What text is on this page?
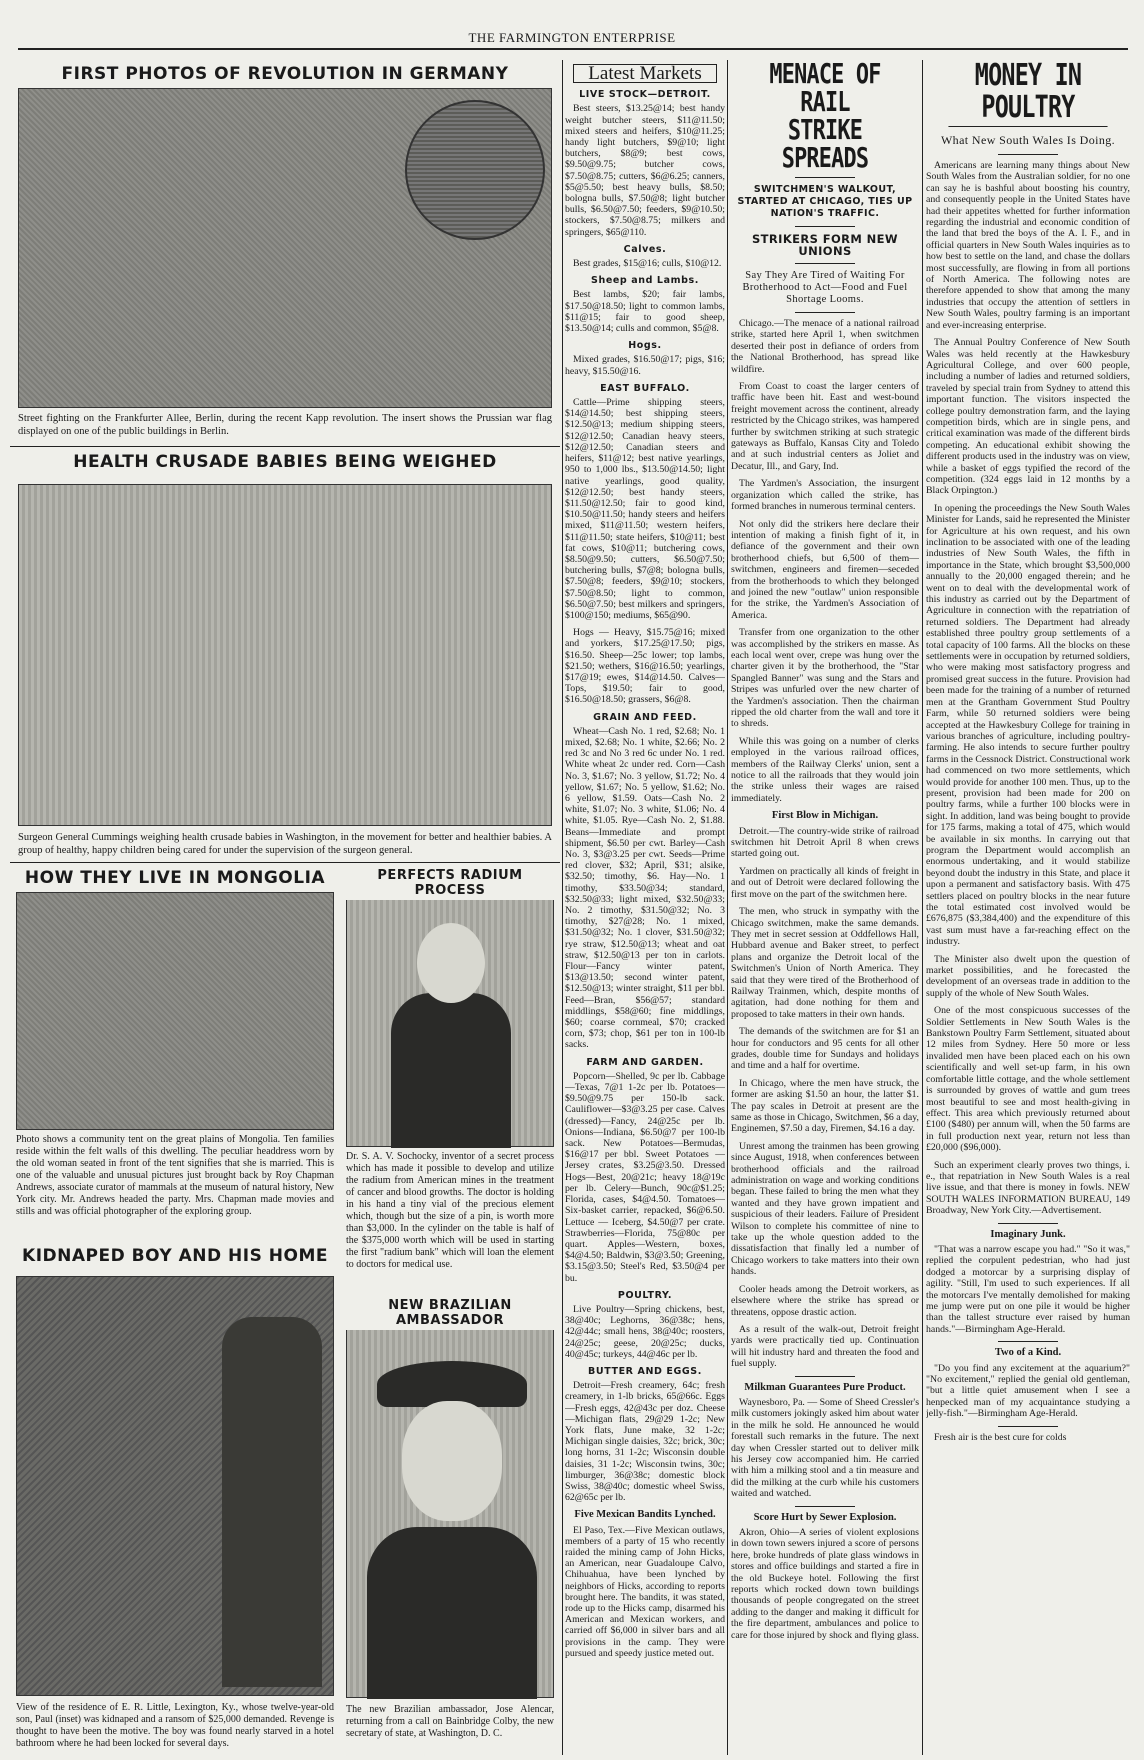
THE FARMINGTON ENTERPRISE
FIRST PHOTOS OF REVOLUTION IN GERMANY
Street fighting on the Frankfurter Allee, Berlin, during the recent Kapp revolution. The insert shows the Prussian war flag displayed on one of the public buildings in Berlin.
HEALTH CRUSADE BABIES BEING WEIGHED
Surgeon General Cummings weighing health crusade babies in Washington, in the movement for better and healthier babies. A group of healthy, happy children being cared for under the supervision of the surgeon general.
HOW THEY LIVE IN MONGOLIA
Photo shows a community tent on the great plains of Mongolia. Ten families reside within the felt walls of this dwelling. The peculiar headdress worn by the old woman seated in front of the tent signifies that she is married. This is one of the valuable and unusual pictures just brought back by Roy Chapman Andrews, associate curator of mammals at the museum of natural history, New York city. Mr. Andrews headed the party. Mrs. Chapman made movies and stills and was official photographer of the exploring group.
PERFECTS RADIUM PROCESS
Dr. S. A. V. Sochocky, inventor of a secret process which has made it possible to develop and utilize the radium from American mines in the treatment of cancer and blood growths. The doctor is holding in his hand a tiny vial of the precious element which, though but the size of a pin, is worth more than $3,000. In the cylinder on the table is half of the $375,000 worth which will be used in starting the first "radium bank" which will loan the element to doctors for medical use.
KIDNAPED BOY AND HIS HOME
View of the residence of E. R. Little, Lexington, Ky., whose twelve-year-old son, Paul (inset) was kidnaped and a ransom of $25,000 demanded. Revenge is thought to have been the motive. The boy was found nearly starved in a hotel bathroom where he had been locked for several days.
NEW BRAZILIAN AMBASSADOR
The new Brazilian ambassador, Jose Alencar, returning from a call on Bainbridge Colby, the new secretary of state, at Washington, D. C.
Latest Markets
LIVE STOCK—DETROIT.

Best steers, $13.25@14; best handy weight butcher steers, $11@11.50; mixed steers and heifers, $10@11.25; handy light butchers, $9@10; light butchers, $8@9; best cows, $9.50@9.75; butcher cows, $7.50@8.75; cutters, $6@6.25; canners, $5@5.50; best heavy bulls, $8.50; bologna bulls, $7.50@8; light butcher bulls, $6.50@7.50; feeders, $9@10.50; stockers, $7.50@8.75; milkers and springers, $65@110.

Calves.

Best grades, $15@16; culls, $10@12.

Sheep and Lambs.

Best lambs, $20; fair lambs, $17.50@18.50; light to common lambs, $11@15; fair to good sheep, $13.50@14; culls and common, $5@8.

Hogs.

Mixed grades, $16.50@17; pigs, $16; heavy, $15.50@16.

EAST BUFFALO.

Cattle—Prime shipping steers, $14@14.50; best shipping steers, $12.50@13; medium shipping steers, $12@12.50; Canadian heavy steers, $12@12.50; Canadian steers and heifers, $11@12; best native yearlings, 950 to 1,000 lbs., $13.50@14.50; light native yearlings, good quality, $12@12.50; best handy steers, $11.50@12.50; fair to good kind, $10.50@11.50; handy steers and heifers mixed, $11@11.50; western heifers, $11@11.50; state heifers, $10@11; best fat cows, $10@11; butchering cows, $8.50@9.50; cutters, $6.50@7.50; butchering bulls, $7@8; bologna bulls, $7.50@8; feeders, $9@10; stockers, $7.50@8.50; light to common, $6.50@7.50; best milkers and springers, $100@150; mediums, $65@90.

Hogs — Heavy, $15.75@16; mixed and yorkers, $17.25@17.50; pigs, $16.50. Sheep—25c lower; top lambs, $21.50; wethers, $16@16.50; yearlings, $17@19; ewes, $14@14.50. Calves—Tops, $19.50; fair to good, $16.50@18.50; grassers, $6@8.

GRAIN AND FEED.

Wheat—Cash No. 1 red, $2.68; No. 1 mixed, $2.68; No. 1 white, $2.66; No. 2 red 3c and No 3 red 6c under No. 1 red. White wheat 2c under red. Corn—Cash No. 3, $1.67; No. 3 yellow, $1.72; No. 4 yellow, $1.67; No. 5 yellow, $1.62; No. 6 yellow, $1.59. Oats—Cash No. 2 white, $1.07; No. 3 white, $1.06; No. 4 white, $1.05. Rye—Cash No. 2, $1.88. Beans—Immediate and prompt shipment, $6.50 per cwt. Barley—Cash No. 3, $3@3.25 per cwt. Seeds—Prime red clover, $32; April, $31; alsike, $32.50; timothy, $6. Hay—No. 1 timothy, $33.50@34; standard, $32.50@33; light mixed, $32.50@33; No. 2 timothy, $31.50@32; No. 3 timothy, $27@28; No. 1 mixed, $31.50@32; No. 1 clover, $31.50@32; rye straw, $12.50@13; wheat and oat straw, $12.50@13 per ton in carlots. Flour—Fancy winter patent, $13@13.50; second winter patent, $12.50@13; winter straight, $11 per bbl. Feed—Bran, $56@57; standard middlings, $58@60; fine middlings, $60; coarse cornmeal, $70; cracked corn, $73; chop, $61 per ton in 100-lb sacks.

FARM AND GARDEN.

Popcorn—Shelled, 9c per lb. Cabbage—Texas, 7@1 1-2c per lb. Potatoes—$9.50@9.75 per 150-lb sack. Cauliflower—$3@3.25 per case. Calves (dressed)—Fancy, 24@25c per lb. Onions—Indiana, $6.50@7 per 100-lb sack. New Potatoes—Bermudas, $16@17 per bbl. Sweet Potatoes — Jersey crates, $3.25@3.50. Dressed Hogs—Best, 20@21c; heavy 18@19c per lb. Celery—Bunch, 90c@$1.25; Florida, cases, $4@4.50. Tomatoes—Six-basket carrier, repacked, $6@6.50. Lettuce — Iceberg, $4.50@7 per crate. Strawberries—Florida, 75@80c per quart. Apples—Western, boxes, $4@4.50; Baldwin, $3@3.50; Greening, $3.15@3.50; Steel's Red, $3.50@4 per bu.

POULTRY.

Live Poultry—Spring chickens, best, 38@40c; Leghorns, 36@38c; hens, 42@44c; small hens, 38@40c; roosters, 24@25c; geese, 20@25c; ducks, 40@45c; turkeys, 44@46c per lb.

BUTTER AND EGGS.

Detroit—Fresh creamery, 64c; fresh creamery, in 1-lb bricks, 65@66c. Eggs—Fresh eggs, 42@43c per doz. Cheese—Michigan flats, 29@29 1-2c; New York flats, June make, 32 1-2c; Michigan single daisies, 32c; brick, 30c; long horns, 31 1-2c; Wisconsin double daisies, 31 1-2c; Wisconsin twins, 30c; limburger, 36@38c; domestic block Swiss, 38@40c; domestic wheel Swiss, 62@65c per lb.

Five Mexican Bandits Lynched.

El Paso, Tex.—Five Mexican outlaws, members of a party of 15 who recently raided the mining camp of John Hicks, an American, near Guadaloupe Calvo, Chihuahua, have been lynched by neighbors of Hicks, according to reports brought here. The bandits, it was stated, rode up to the Hicks camp, disarmed his American and Mexican workers, and carried off $6,000 in silver bars and all provisions in the camp. They were pursued and speedy justice meted out.

MENACE OF RAIL
STRIKE SPREADS
SWITCHMEN'S WALKOUT, STARTED AT CHICAGO, TIES UP NATION'S TRAFFIC.
STRIKERS FORM NEW UNIONS
Say They Are Tired of Waiting For Brotherhood to Act—Food and Fuel Shortage Looms.

Chicago.—The menace of a national railroad strike, started here April 1, when switchmen deserted their post in defiance of orders from the National Brotherhood, has spread like wildfire.

From Coast to coast the larger centers of traffic have been hit. East and west-bound freight movement across the continent, already restricted by the Chicago strikes, was hampered further by switchmen striking at such strategic gateways as Buffalo, Kansas City and Toledo and at such industrial centers as Joliet and Decatur, Ill., and Gary, Ind.

The Yardmen's Association, the insurgent organization which called the strike, has formed branches in numerous terminal centers.

Not only did the strikers here declare their intention of making a finish fight of it, in defiance of the government and their own brotherhood chiefs, but 6,500 of them—switchmen, engineers and firemen—seceded from the brotherhoods to which they belonged and joined the new "outlaw" union responsible for the strike, the Yardmen's Association of America.

Transfer from one organization to the other was accomplished by the strikers en masse. As each local went over, crepe was hung over the charter given it by the brotherhood, the "Star Spangled Banner" was sung and the Stars and Stripes was unfurled over the new charter of the Yardmen's association. Then the chairman ripped the old charter from the wall and tore it to shreds.

While this was going on a number of clerks employed in the various railroad offices, members of the Railway Clerks' union, sent a notice to all the railroads that they would join the strike unless their wages are raised immediately.

First Blow in Michigan.

Detroit.—The country-wide strike of railroad switchmen hit Detroit April 8 when crews started going out.

Yardmen on practically all kinds of freight in and out of Detroit were declared following the first move on the part of the switchmen here.

The men, who struck in sympathy with the Chicago switchmen, make the same demands. They met in secret session at Oddfellows Hall, Hubbard avenue and Baker street, to perfect plans and organize the Detroit local of the Switchmen's Union of North America. They said that they were tired of the Brotherhood of Railway Trainmen, which, despite months of agitation, had done nothing for them and proposed to take matters in their own hands.

The demands of the switchmen are for $1 an hour for conductors and 95 cents for all other grades, double time for Sundays and holidays and time and a half for overtime.

In Chicago, where the men have struck, the former are asking $1.50 an hour, the latter $1. The pay scales in Detroit at present are the same as those in Chicago, Switchmen, $6 a day, Enginemen, $7.50 a day, Firemen, $4.16 a day.

Unrest among the trainmen has been growing since August, 1918, when conferences between brotherhood officials and the railroad administration on wage and working conditions began. These failed to bring the men what they wanted and they have grown impatient and suspicious of their leaders. Failure of President Wilson to complete his committee of nine to take up the whole question added to the dissatisfaction that finally led a number of Chicago workers to take matters into their own hands.

Cooler heads among the Detroit workers, as elsewhere where the strike has spread or threatens, oppose drastic action.

As a result of the walk-out, Detroit freight yards were practically tied up. Continuation will hit industry hard and threaten the food and fuel supply.

Milkman Guarantees Pure Product.

Waynesboro, Pa. — Some of Sheed Cressler's milk customers jokingly asked him about water in the milk he sold. He announced he would forestall such remarks in the future. The next day when Cressler started out to deliver milk his Jersey cow accompanied him. He carried with him a milking stool and a tin measure and did the milking at the curb while his customers waited and watched.

Score Hurt by Sewer Explosion.

Akron, Ohio—A series of violent explosions in down town sewers injured a score of persons here, broke hundreds of plate glass windows in stores and office buildings and started a fire in the old Buckeye hotel. Following the first reports which rocked down town buildings thousands of people congregated on the street adding to the danger and making it difficult for the fire department, ambulances and police to care for those injured by shock and flying glass.

MONEY IN POULTRY
What New South Wales Is Doing.

Americans are learning many things about New South Wales from the Australian soldier, for no one can say he is bashful about boosting his country, and consequently people in the United States have had their appetites whetted for further information regarding the industrial and economic condition of the land that bred the boys of the A. I. F., and in official quarters in New South Wales inquiries as to how best to settle on the land, and chase the dollars most successfully, are flowing in from all portions of North America. The following notes are therefore appended to show that among the many industries that occupy the attention of settlers in New South Wales, poultry farming is an important and ever-increasing enterprise.

The Annual Poultry Conference of New South Wales was held recently at the Hawkesbury Agricultural College, and over 600 people, including a number of ladies and returned soldiers, traveled by special train from Sydney to attend this important function. The visitors inspected the college poultry demonstration farm, and the laying competition birds, which are in single pens, and critical examination was made of the different birds competing. An educational exhibit showing the different products used in the industry was on view, while a basket of eggs typified the record of the competition. (324 eggs laid in 12 months by a Black Orpington.)

In opening the proceedings the New South Wales Minister for Lands, said he represented the Minister for Agriculture at his own request, and his own inclination to be associated with one of the leading industries of New South Wales, the fifth in importance in the State, which brought $3,500,000 annually to the 20,000 engaged therein; and he went on to deal with the developmental work of this industry as carried out by the Department of Agriculture in connection with the repatriation of returned soldiers. The Department had already established three poultry group settlements of a total capacity of 100 farms. All the blocks on these settlements were in occupation by returned soldiers, who were making most satisfactory progress and promised great success in the future. Provision had been made for the training of a number of returned men at the Grantham Government Stud Poultry Farm, while 50 returned soldiers were being accepted at the Hawkesbury College for training in various branches of agriculture, including poultry-farming. He also intends to secure further poultry farms in the Cessnock District. Constructional work had commenced on two more settlements, which would provide for another 100 men. Thus, up to the present, provision had been made for 200 on poultry farms, while a further 100 blocks were in sight. In addition, land was being bought to provide for 175 farms, making a total of 475, which would be available in six months. In carrying out that program the Department would accomplish an enormous undertaking, and it would stabilize beyond doubt the industry in this State, and place it upon a permanent and satisfactory basis. With 475 settlers placed on poultry blocks in the near future the total estimated cost involved would be £676,875 ($3,384,400) and the expenditure of this vast sum must have a far-reaching effect on the industry.

The Minister also dwelt upon the question of market possibilities, and he forecasted the development of an overseas trade in addition to the supply of the whole of New South Wales.

One of the most conspicuous successes of the Soldier Settlements in New South Wales is the Bankstown Poultry Farm Settlement, situated about 12 miles from Sydney. Here 50 more or less invalided men have been placed each on his own scientifically and well set-up farm, in his own comfortable little cottage, and the whole settlement is surrounded by groves of wattle and gum trees most beautiful to see and most health-giving in effect. This area which previously returned about £100 ($480) per annum will, when the 50 farms are in full production next year, return not less than £20,000 ($96,000).

Such an experiment clearly proves two things, i. e., that repatriation in New South Wales is a real live issue, and that there is money in fowls. NEW SOUTH WALES INFORMATION BUREAU, 149 Broadway, New York City.—Advertisement.

Imaginary Junk.

"That was a narrow escape you had." "So it was," replied the corpulent pedestrian, who had just dodged a motorcar by a surprising display of agility. "Still, I'm used to such experiences. If all the motorcars I've mentally demolished for making me jump were put on one pile it would be higher than the tallest structure ever raised by human hands."—Birmingham Age-Herald.

Two of a Kind.

"Do you find any excitement at the aquarium?" "No excitement," replied the genial old gentleman, "but a little quiet amusement when I see a henpecked man of my acquaintance studying a jelly-fish."—Birmingham Age-Herald.

Fresh air is the best cure for colds
